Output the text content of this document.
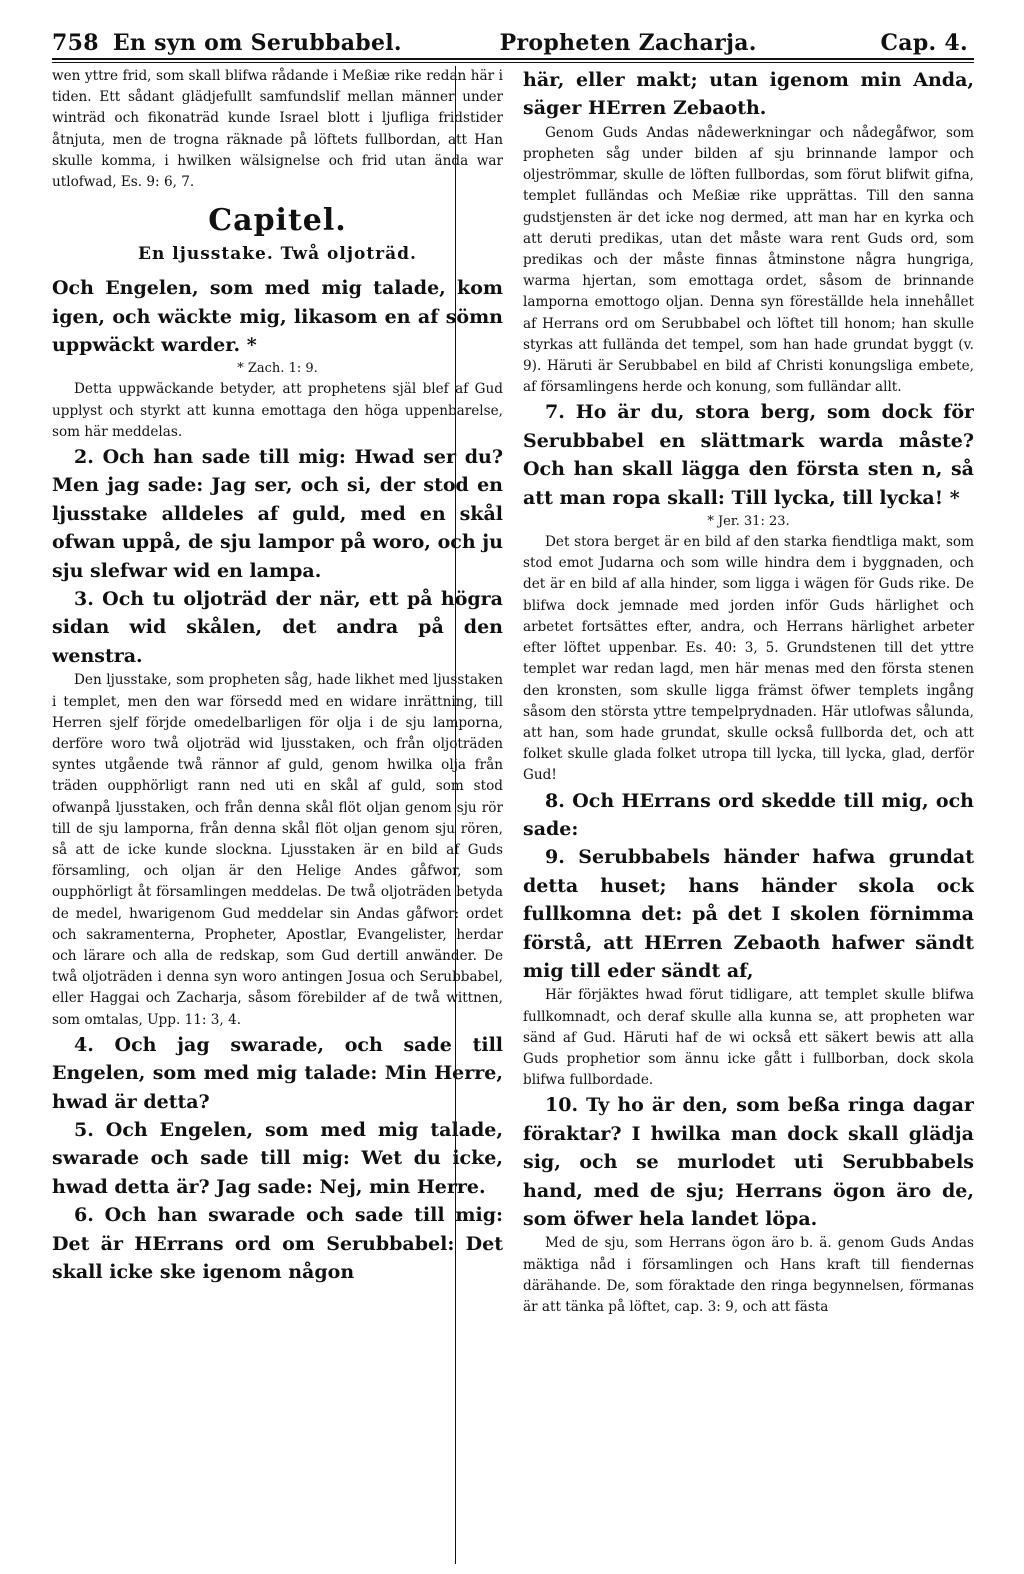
758 En syn om Serubbabel.	Propheten Zacharja.	Cap. 4.

wen yttre frid, som skall blifwa rådande i Meßiæ rike redan här i tiden. Ett sådant glädjefullt samfundslif mellan männer under winträd och fikonaträd kunde Israel blott i ljufliga fridstider åtnjuta, men de trogna räknade på löftets fullbordan, att Han skulle komma, i hwilken wälsignelse och frid utan ända war utlofwad, Es. 9: 6, 7.

Capitel.
En ljusstake. Twå oljoträd.

Och Engelen, som med mig talade, kom igen, och wäckte mig, likasom en af sömn uppwäckt warder. *

* Zach. 1: 9.

Detta uppwäckande betyder, att prophetens själ blef af Gud upplyst och styrkt att kunna emottaga den höga uppenbarelse, som här meddelas.

2. Och han sade till mig: Hwad ser du? Men jag sade: Jag ser, och si, der stod en ljusstake alldeles af guld, med en skål ofwan uppå, de sju lampor på woro, och ju sju slefwar wid en lampa.

3. Och tu oljoträd der när, ett på högra sidan wid skålen, det andra på den wenstra.

Den ljusstake, som propheten såg, hade likhet med ljusstaken i templet, men den war försedd med en widare inrättning, till Herren sjelf förjde omedelbarligen för olja i de sju lamporna, derföre woro twå oljoträd wid ljusstaken, och från oljoträden syntes utgående twå rännor af guld, genom hwilka olja från träden oupphörligt rann ned uti en skål af guld, som stod ofwanpå ljusstaken, och från denna skål flöt oljan genom sju rör till de sju lamporna, från denna skål flöt oljan genom sju rören, så att de icke kunde slockna. Ljusstaken är en bild af Guds församling, och oljan är den Helige Andes gåfwor, som oupphörligt åt församlingen meddelas. De twå oljoträden betyda de medel, hwarigenom Gud meddelar sin Andas gåfwor: ordet och sakramenterna, Propheter, Apostlar, Evangelister, herdar och lärare och alla de redskap, som Gud dertill anwänder. De twå oljoträden i denna syn woro antingen Josua och Serubbabel, eller Haggai och Zacharja, såsom förebilder af de twå wittnen, som omtalas, Upp. 11: 3, 4.

4. Och jag swarade, och sade till Engelen, som med mig talade: Min Herre, hwad är detta?

5. Och Engelen, som med mig talade, swarade och sade till mig: Wet du icke, hwad detta är? Jag sade: Nej, min Herre.

6. Och han swarade och sade till mig: Det är HErrans ord om Serubbabel: Det skall icke ske igenom någon

här, eller makt; utan igenom min Anda, säger HErren Zebaoth.

Genom Guds Andas nådewerkningar och nådegåfwor, som propheten såg under bilden af sju brinnande lampor och oljeströmmar, skulle de löften fullbordas, som förut blifwit gifna, templet fulländas och Meßiæ rike upprättas. Till den sanna gudstjensten är det icke nog dermed, att man har en kyrka och att deruti predikas, utan det måste wara rent Guds ord, som predikas och der måste finnas åtminstone några hungriga, warma hjertan, som emottaga ordet, såsom de brinnande lamporna emottogo oljan. Denna syn föreställde hela innehållet af Herrans ord om Serubbabel och löftet till honom; han skulle styrkas att fullända det tempel, som han hade grundat byggt (v. 9). Häruti är Serubbabel en bild af Christi konungsliga embete, af församlingens herde och konung, som fulländar allt.

7. Ho är du, stora berg, som dock för Serubbabel en slättmark warda måste? Och han skall lägga den första sten n, så att man ropa skall: Till lycka, till lycka! *

* Jer. 31: 23.

Det stora berget är en bild af den starka fiendtliga makt, som stod emot Judarna och som wille hindra dem i byggnaden, och det är en bild af alla hinder, som ligga i wägen för Guds rike. De blifwa dock jemnade med jorden inför Guds härlighet och arbetet fortsättes efter, andra, och Herrans härlighet arbeter efter löftet uppenbar. Es. 40: 3, 5. Grundstenen till det yttre templet war redan lagd, men här menas med den första stenen den kronsten, som skulle ligga främst öfwer templets ingång såsom den största yttre tempelprydnaden. Här utlofwas sålunda, att han, som hade grundat, skulle också fullborda det, och att folket skulle glada folket utropa till lycka, till lycka, glad, derför Gud!

8. Och HErrans ord skedde till mig, och sade:

9. Serubbabels händer hafwa grundat detta huset; hans händer skola ock fullkomna det: på det I skolen förnimma förstå, att HErren Zebaoth hafwer sändt mig till eder sändt af,

Här förjäktes hwad förut tidligare, att templet skulle blifwa fullkomnadt, och deraf skulle alla kunna se, att propheten war sänd af Gud. Häruti haf de wi också ett säkert bewis att alla Guds prophetior som ännu icke gått i fullborban, dock skola blifwa fullbordade.

10. Ty ho är den, som beßa ringa dagar föraktar? I hwilka man dock skall glädja sig, och se murlodet uti Serubbabels hand, med de sju; Herrans ögon äro de, som öfwer hela landet löpa.

Med de sju, som Herrans ögon äro b. ä. genom Guds Andas mäktiga nåd i församlingen och Hans kraft till fiendernas därähande. De, som föraktade den ringa begynnelsen, förmanas är att tänka på löftet, cap. 3: 9, och att fästa
